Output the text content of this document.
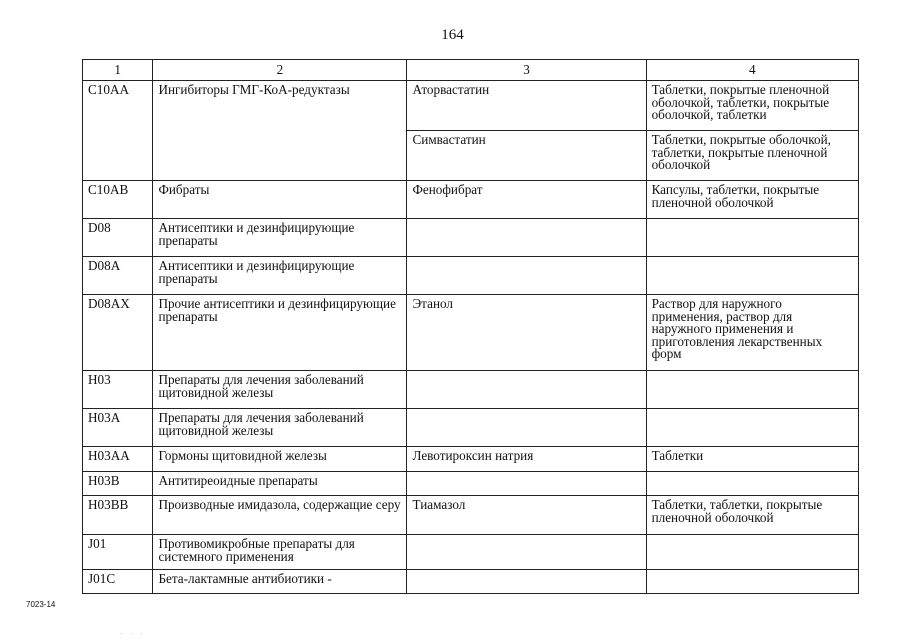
164
1	2	3	4
C10AA	Ингибиторы ГМГ-КоА-редуктазы	Аторвастатин	Таблетки, покрытые пленочной оболочкой, таблетки, покрытые оболочкой, таблетки
		Симвастатин	Таблетки, покрытые оболочкой, таблетки, покрытые пленочной оболочкой
C10AB	Фибраты	Фенофибрат	Капсулы, таблетки, покрытые пленочной оболочкой
D08	Антисептики и дезинфицирующие препараты		
D08A	Антисептики и дезинфицирующие препараты		
D08AX	Прочие антисептики и дезинфицирующие препараты	Этанол	Раствор для наружного применения, раствор для наружного применения и приготовления лекарственных форм
H03	Препараты для лечения заболеваний щитовидной железы		
H03A	Препараты для лечения заболеваний щитовидной железы		
H03AA	Гормоны щитовидной железы	Левотироксин натрия	Таблетки
H03B	Антитиреоидные препараты		
H03BB	Производные имидазола, содержащие серу	Тиамазол	Таблетки, таблетки, покрытые пленочной оболочкой
J01	Противомикробные препараты для системного применения		
J01C	Бета-лактамные антибиотики -		
7023-14
· · ·
